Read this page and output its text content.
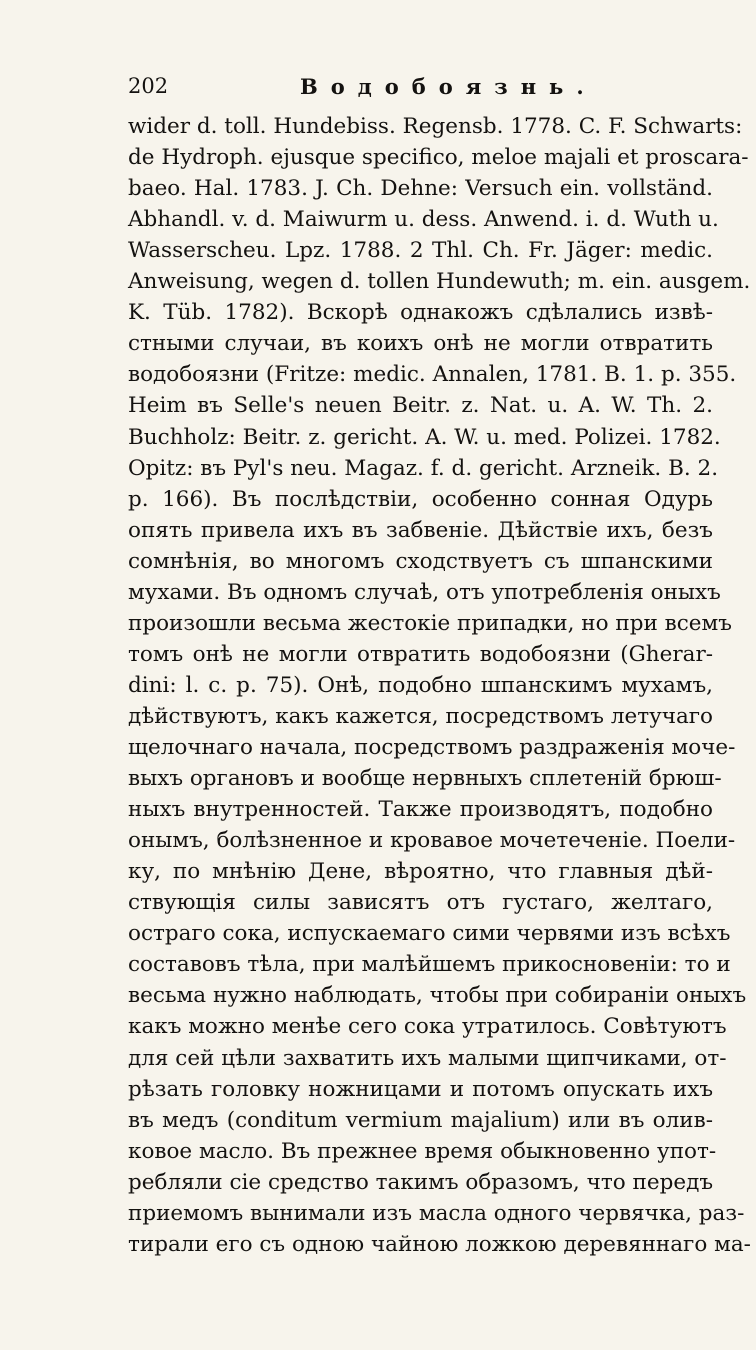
202	Водобоязнь.
wider d. toll. Hundebiss. Regensb. 1778. C. F. Schwarts:
de Hydroph. ejusque specifico, meloe majali et proscara-
baeo. Hal. 1783. J. Ch. Dehne: Versuch ein. vollständ.
Abhandl. v. d. Maiwurm u. dess. Anwend. i. d. Wuth u.
Wasserscheu. Lpz. 1788. 2 Thl. Ch. Fr. Jäger: medic.
Anweisung, wegen d. tollen Hundewuth; m. ein. ausgem.
K. Tüb. 1782). Вскорѣ однакожъ сдѣлались извѣ-
стными случаи, въ коихъ онѣ не могли отвратить
водобоязни (Fritze: medic. Annalen, 1781. B. 1. p. 355.
Heim въ Selle's neuen Beitr. z. Nat. u. A. W. Th. 2.
Buchholz: Beitr. z. gericht. A. W. u. med. Polizei. 1782.
Opitz: въ Pyl's neu. Magaz. f. d. gericht. Arzneik. B. 2.
p. 166). Въ послѣдствіи, особенно сонная Одурь
опять привела ихъ въ забвеніе. Дѣйствіе ихъ, безъ
сомнѣнія, во многомъ сходствуетъ съ шпанскими
мухами. Въ одномъ случаѣ, отъ употребленія оныхъ
произошли весьма жестокіе припадки, но при всемъ
томъ онѣ не могли отвратить водобоязни (Gherar-
dini: l. c. p. 75). Онѣ, подобно шпанскимъ мухамъ,
дѣйствуютъ, какъ кажется, посредствомъ летучаго
щелочнаго начала, посредствомъ раздраженія моче-
выхъ органовъ и вообще нервныхъ сплетеній брюш-
ныхъ внутренностей. Также производятъ, подобно
онымъ, болѣзненное и кровавое мочетеченіе. Поели-
ку, по мнѣнію Дене, вѣроятно, что главныя дѣй-
ствующія силы зависятъ отъ густаго, желтаго,
остраго сока, испускаемаго сими червями изъ всѣхъ
составовъ тѣла, при малѣйшемъ прикосновеніи: то и
весьма нужно наблюдать, чтобы при собираніи оныхъ
какъ можно менѣе сего сока утратилось. Совѣтуютъ
для сей цѣли захватить ихъ малыми щипчиками, от-
рѣзать головку ножницами и потомъ опускать ихъ
въ медъ (conditum vermium majalium) или въ олив-
ковое масло. Въ прежнее время обыкновенно упот-
ребляли сіе средство такимъ образомъ, что передъ
приемомъ вынимали изъ масла одного червячка, раз-
тирали его съ одною чайною ложкою деревяннаго ма-
